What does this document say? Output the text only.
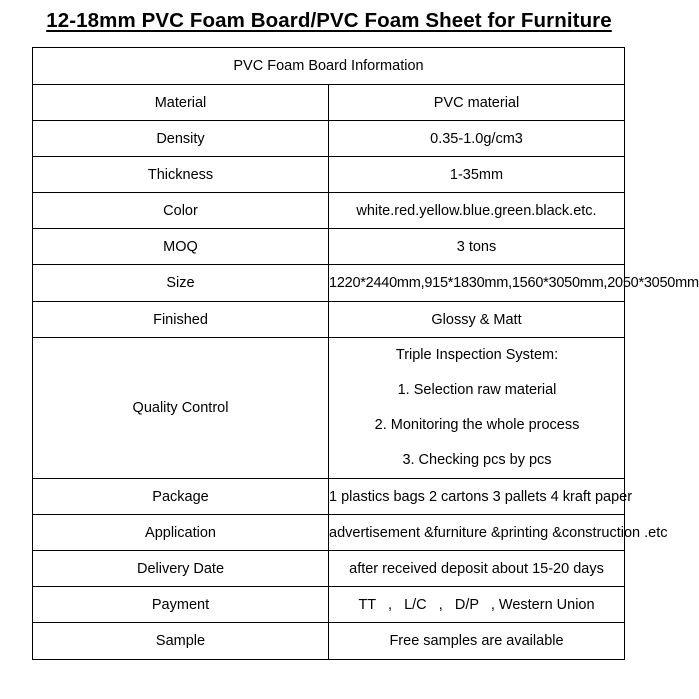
12-18mm PVC Foam Board/PVC Foam Sheet for Furniture
PVC Foam Board Information	
Material	PVC material
Density	0.35-1.0g/cm3
Thickness	1-35mm
Color	white.red.yellow.blue.green.black.etc.
MOQ	3 tons
Size	1220*2440mm,915*1830mm,1560*3050mm,2050*3050mm
Finished	Glossy & Matt
Quality Control	Triple Inspection System:
1. Selection raw material
2. Monitoring the whole process
3. Checking pcs by pcs

Package	1 plastics bags 2 cartons 3 pallets 4 kraft paper
Application	advertisement &furniture &printing &construction .etc
Delivery Date	after received deposit about 15-20 days
Payment	TT   ,   L/C   ,   D/P   , Western Union
Sample	Free samples are available
